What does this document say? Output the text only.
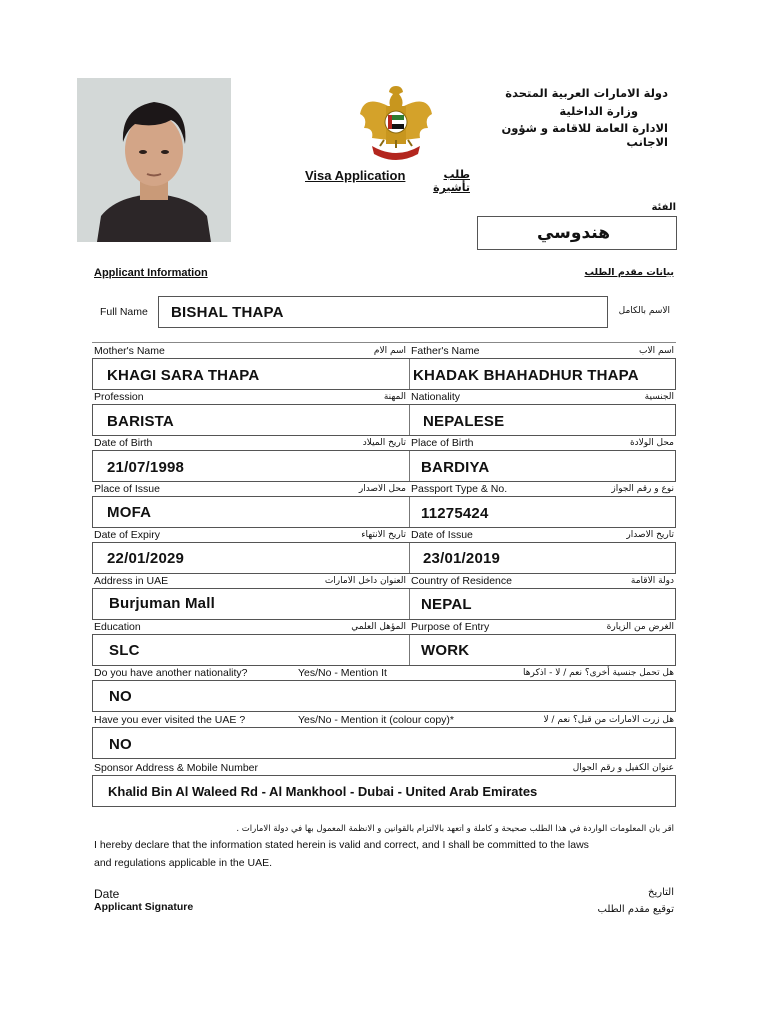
دولة الامارات العربية المتحدة
وزارة الداخلية
الادارة العامة للاقامة و شؤون الاجانب
Visa Application	طلب تأشيرة
الفئة
هندوسي
Applicant Information	بيانات مقدم الطلب
Full Name	الاسم بالكامل
BISHAL THAPA
Mother's Name	اسم الام Father's Name	اسم الاب
KHAGI SARA THAPA	KHADAK BHAHADHUR THAPA
Profession	المهنة Nationality	الجنسية
BARISTA	NEPALESE
Date of Birth	تاريخ الميلاد Place of Birth	محل الولادة
21/07/1998	BARDIYA
Place of Issue	محل الاصدار Passport Type & No.	نوع و رقم الجواز
MOFA	11275424
Date of Expiry	تاريخ الانتهاء Date of Issue	تاريخ الاصدار
22/01/2029	23/01/2019
Address in UAE	العنوان داخل الامارات Country of Residence	دولة الاقامة
Burjuman Mall	NEPAL
Education	المؤهل العلمي Purpose of Entry	الغرض من الزيارة
SLC	WORK
Do you have another nationality?	Yes/No - Mention It	هل تحمل جنسية أخرى؟ نعم / لا - اذكرها
NO
Have you ever visited the UAE ?	Yes/No - Mention it (colour copy)*	هل زرت الامارات من قبل؟ نعم / لا
NO
Sponsor Address & Mobile Number	عنوان الكفيل و رقم الجوال
Khalid Bin Al Waleed Rd - Al Mankhool - Dubai - United Arab Emirates
أقر بأن المعلومات الواردة في هذا الطلب صحيحة و كاملة و أتعهد بالالتزام بالقوانين و الانظمة المعمول بها في دولة الامارات .
I hereby declare that the information stated herein is valid and correct, and I shall be committed to the laws
and regulations applicable in the UAE.
Date
Applicant Signature
التاريخ
توقيع مقدم الطلب
